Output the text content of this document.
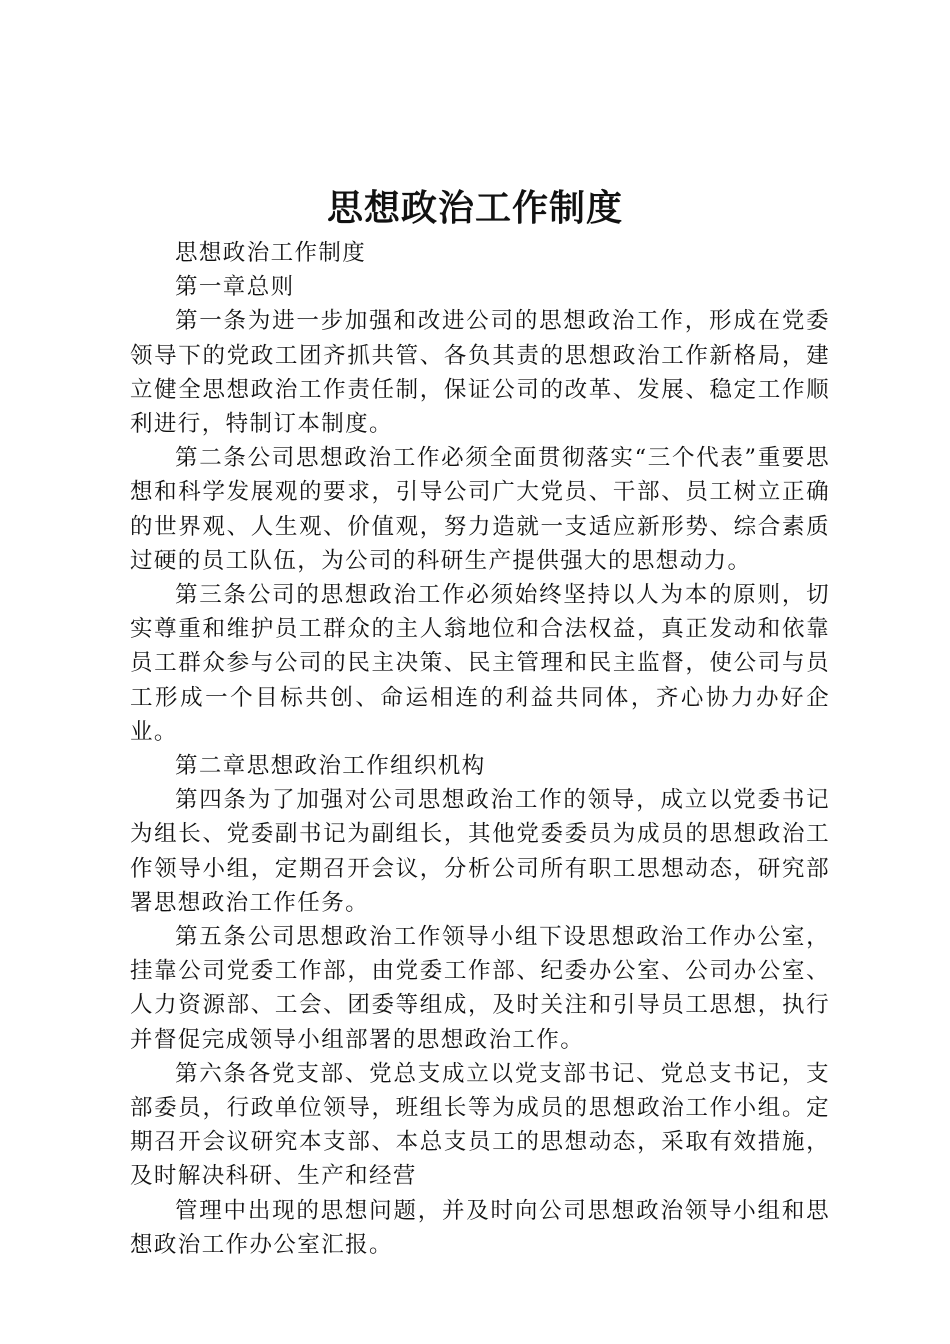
思想政治工作制度

思想政治工作制度

第一章总则

第一条为进一步加强和改进公司的思想政治工作，形成在党委领导下的党政工团齐抓共管、各负其责的思想政治工作新格局，建立健全思想政治工作责任制，保证公司的改革、发展、稳定工作顺利进行，特制订本制度。

第二条公司思想政治工作必须全面贯彻落实“三个代表”重要思想和科学发展观的要求，引导公司广大党员、干部、员工树立正确的世界观、人生观、价值观，努力造就一支适应新形势、综合素质过硬的员工队伍，为公司的科研生产提供强大的思想动力。

第三条公司的思想政治工作必须始终坚持以人为本的原则，切实尊重和维护员工群众的主人翁地位和合法权益，真正发动和依靠员工群众参与公司的民主决策、民主管理和民主监督，使公司与员工形成一个目标共创、命运相连的利益共同体，齐心协力办好企业。

第二章思想政治工作组织机构

第四条为了加强对公司思想政治工作的领导，成立以党委书记为组长、党委副书记为副组长，其他党委委员为成员的思想政治工作领导小组，定期召开会议，分析公司所有职工思想动态，研究部署思想政治工作任务。

第五条公司思想政治工作领导小组下设思想政治工作办公室，挂靠公司党委工作部，由党委工作部、纪委办公室、公司办公室、人力资源部、工会、团委等组成，及时关注和引导员工思想，执行并督促完成领导小组部署的思想政治工作。

第六条各党支部、党总支成立以党支部书记、党总支书记，支部委员，行政单位领导，班组长等为成员的思想政治工作小组。定期召开会议研究本支部、本总支员工的思想动态，采取有效措施，及时解决科研、生产和经营

管理中出现的思想问题，并及时向公司思想政治领导小组和思想政治工作办公室汇报。
